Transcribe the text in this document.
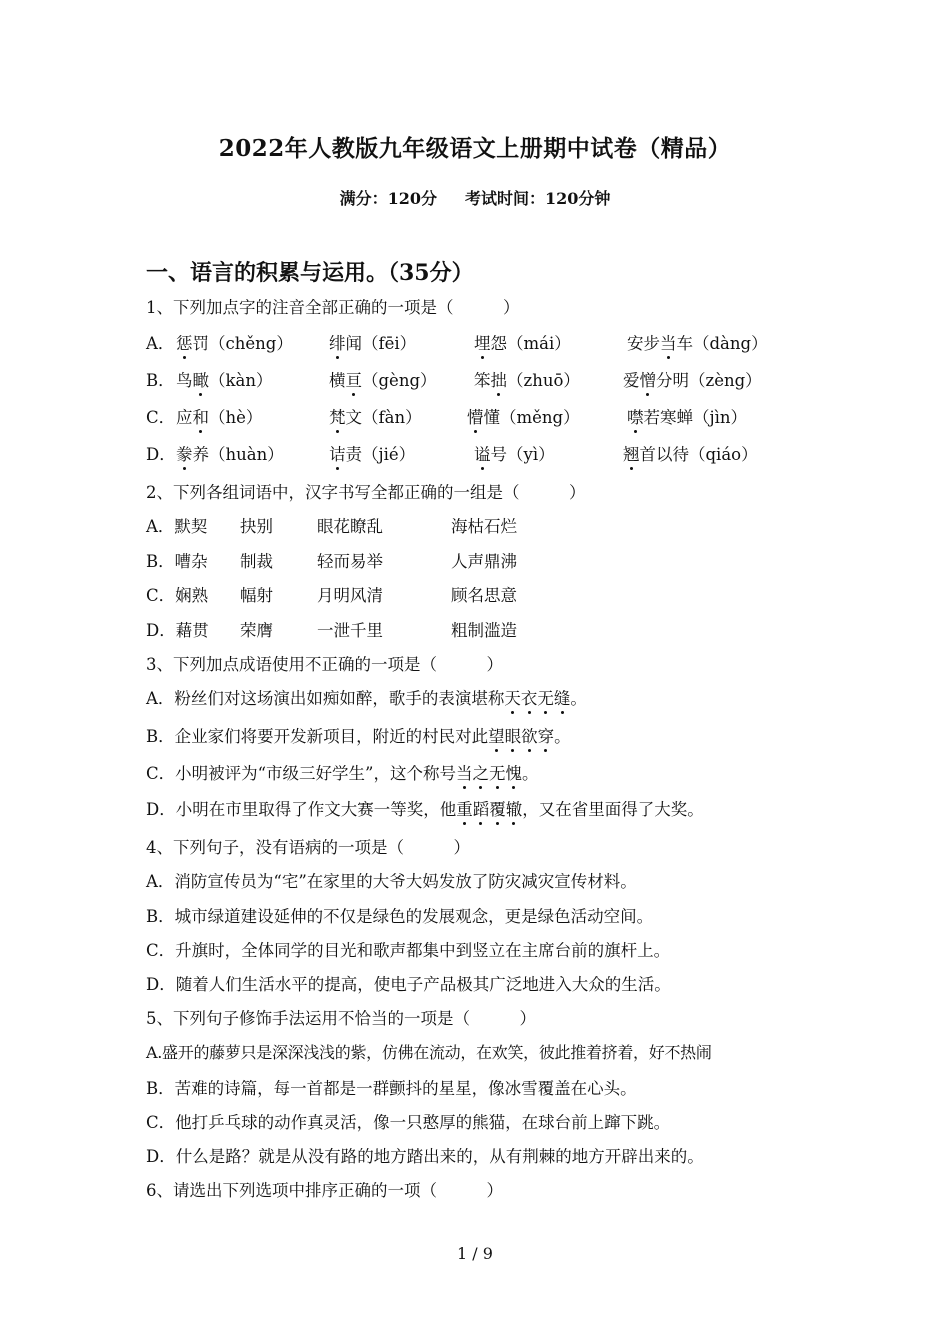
2022年人教版九年级语文上册期中试卷（精品）
满分：120分 考试时间：120分钟
一、语言的积累与运用。（35分）
1、下列加点字的注音全部正确的一项是（　　　）
A． 惩罚（chěng） 绯闻（fēi）	埋怨（mái）	安步当车（dàng）
B． 鸟瞰（kàn）	横亘（gèng） 笨拙（zhuō）	爱憎分明（zèng）
C． 应和（hè）	梵文（fàn）	懵懂（měng）	噤若寒蝉（jìn）
D． 豢养（huàn）	诘责（jié）	谥号（yì）	翘首以待（qiáo）
2、下列各组词语中，汉字书写全都正确的一组是（　　　）
A．默契 抉别	眼花瞭乱	海枯石烂
B．嘈杂 制裁	轻而易举	人声鼎沸
C．娴熟 幅射	月明风清	顾名思意
D．藉贯 荣膺	一泄千里	粗制滥造
3、下列加点成语使用不正确的一项是（　　　）
A．粉丝们对这场演出如痴如醉，歌手的表演堪称天衣无缝。
B．企业家们将要开发新项目，附近的村民对此望眼欲穿。
C．小明被评为“市级三好学生”，这个称号当之无愧。
D．小明在市里取得了作文大赛一等奖，他重蹈覆辙，又在省里面得了大奖。
4、下列句子，没有语病的一项是（　　　）
A．消防宣传员为“宅”在家里的大爷大妈发放了防灾减灾宣传材料。
B．城市绿道建设延伸的不仅是绿色的发展观念，更是绿色活动空间。
C．升旗时，全体同学的目光和歌声都集中到竖立在主席台前的旗杆上。
D．随着人们生活水平的提高，使电子产品极其广泛地进入大众的生活。
5、下列句子修饰手法运用不恰当的一项是（　　　）
A.盛开的藤萝只是深深浅浅的紫，仿佛在流动，在欢笑，彼此推着挤着，好不热闹
B．苦难的诗篇，每一首都是一群颤抖的星星，像冰雪覆盖在心头。
C．他打乒乓球的动作真灵活，像一只憨厚的熊猫，在球台前上蹿下跳。
D．什么是路？就是从没有路的地方踏出来的，从有荆棘的地方开辟出来的。
6、请选出下列选项中排序正确的一项（　　　）
1 / 9
